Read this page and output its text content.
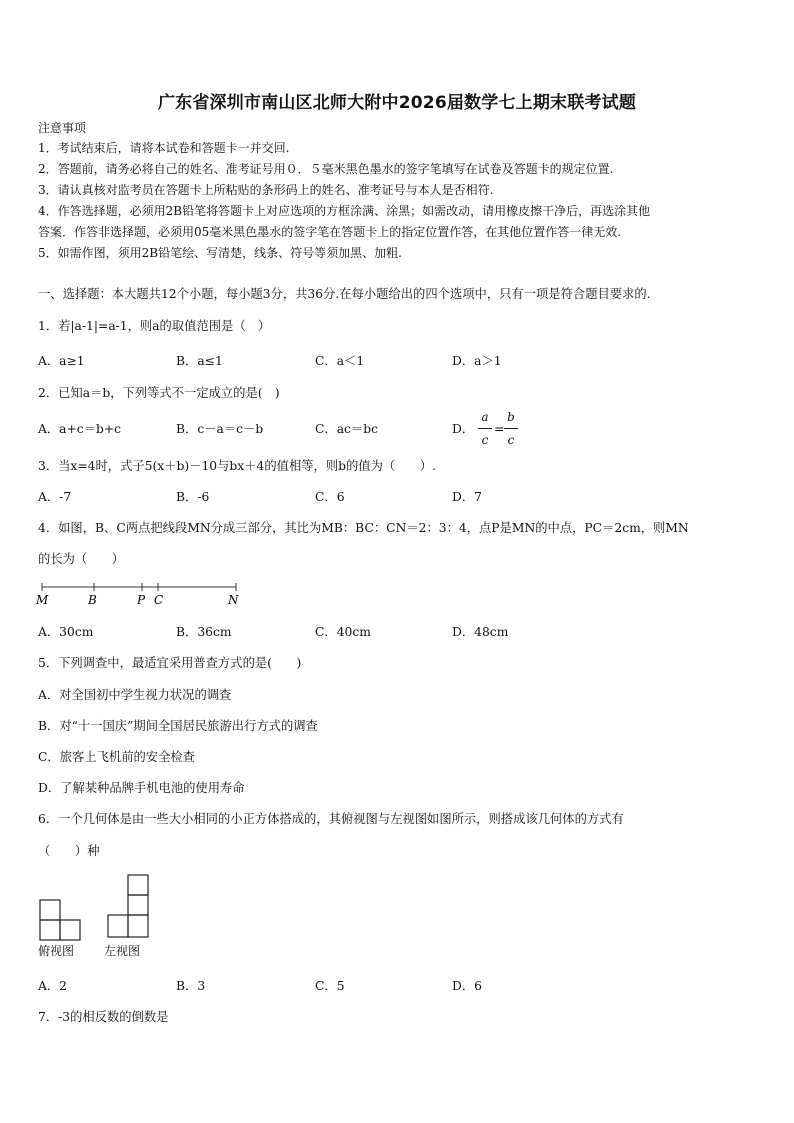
广东省深圳市南山区北师大附中2026届数学七上期末联考试题
注意事项
1．考试结束后，请将本试卷和答题卡一并交回.
2．答题前，请务必将自己的姓名、准考证号用０．５毫米黑色墨水的签字笔填写在试卷及答题卡的规定位置.
3．请认真核对监考员在答题卡上所粘贴的条形码上的姓名、准考证号与本人是否相符.
4．作答选择题，必须用2B铅笔将答题卡上对应选项的方框涂满、涂黑；如需改动，请用橡皮擦干净后，再选涂其他
答案．作答非选择题，必须用05毫米黑色墨水的签字笔在答题卡上的指定位置作答，在其他位置作答一律无效.
5．如需作图，须用2B铅笔绘、写清楚，线条、符号等须加黑、加粗.
一、选择题：本大题共12个小题，每小题3分，共36分.在每小题给出的四个选项中，只有一项是符合题目要求的.
1．若|a-1|=a-1，则a的取值范围是（　）
A．a≥1	B．a≤1	C．a＜1	D．a＞1
2．已知a＝b，下列等式不一定成立的是(　)
A．a+c＝b+c	B．c－a＝c－b	C．ac＝bc	D．
a
c
=
b
c
3．当x=4时，式子5(x＋b)－10与bx＋4的值相等，则b的值为（　　）.
A．-7	B．-6	C．6	D．7
4．如图，B、C两点把线段MN分成三部分，其比为MB：BC：CN＝2：3：4，点P是MN的中点，PC＝2cm，则MN
的长为（　　）
M	B	P C	N
A．30cm	B．36cm	C．40cm	D．48cm
5．下列调查中，最适宜采用普查方式的是(　　)
A．对全国初中学生视力状况的调查
B．对“十一国庆”期间全国居民旅游出行方式的调查
C．旅客上飞机前的安全检查
D．了解某种品牌手机电池的使用寿命
6．一个几何体是由一些大小相同的小正方体搭成的，其俯视图与左视图如图所示，则搭成该几何体的方式有
（　　）种
俯视图 左视图
A．2	B．3	C．5	D．6
7．-3的相反数的倒数是
